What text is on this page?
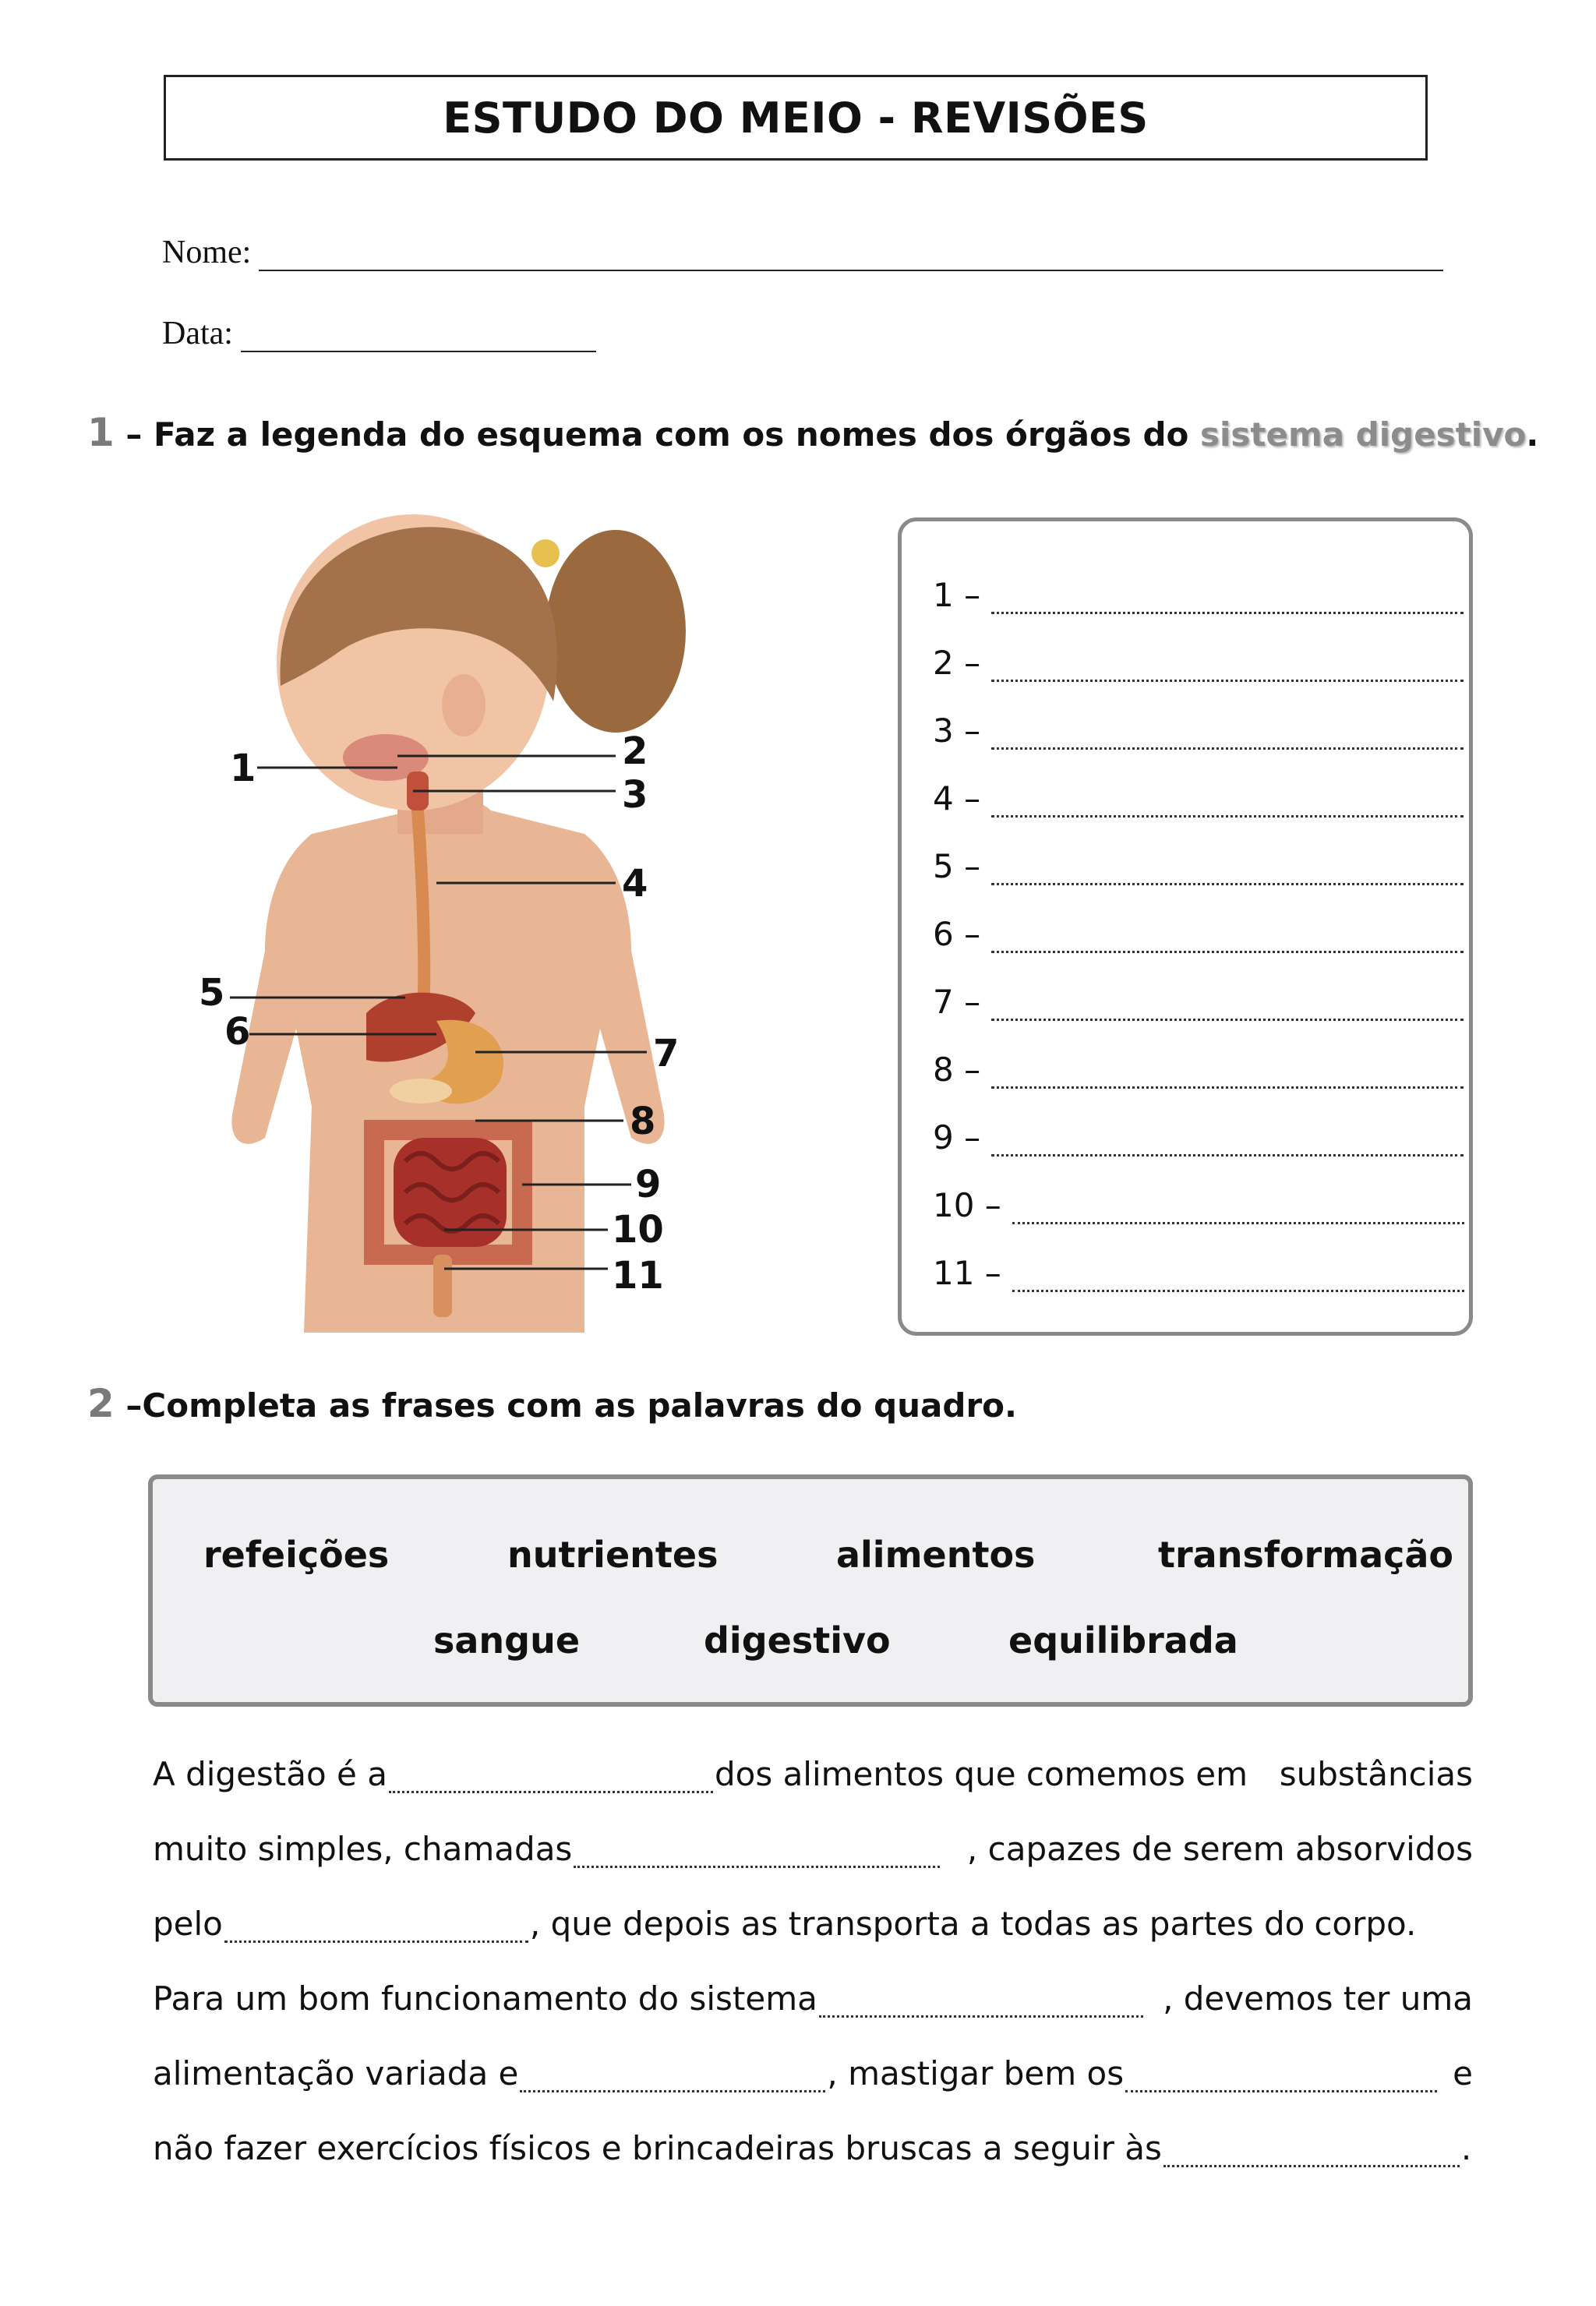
ESTUDO DO MEIO - REVISÕES
Nome:
Data:
1 – Faz a legenda do esquema com os nomes dos órgãos do sistema digestivo.
1	2
3
4
5
6	7
8
9
10
11
1 –
2 –
3 –
4 –
5 –
6 –
7 –
8 –
9 –
10 –
11 –
2 –Completa as frases com as palavras do quadro.
refeições	nutrientes	alimentos	transformação
sangue	digestivo	equilibrada
A digestão é a	dos alimentos que comemos em substâncias
muito simples, chamadas	, capazes de serem absorvidos
pelo	, que depois as transporta a todas as partes do corpo.
Para um bom funcionamento do sistema	, devemos ter uma
alimentação variada e	, mastigar bem os	e
não fazer exercícios físicos e brincadeiras bruscas a seguir às	.
